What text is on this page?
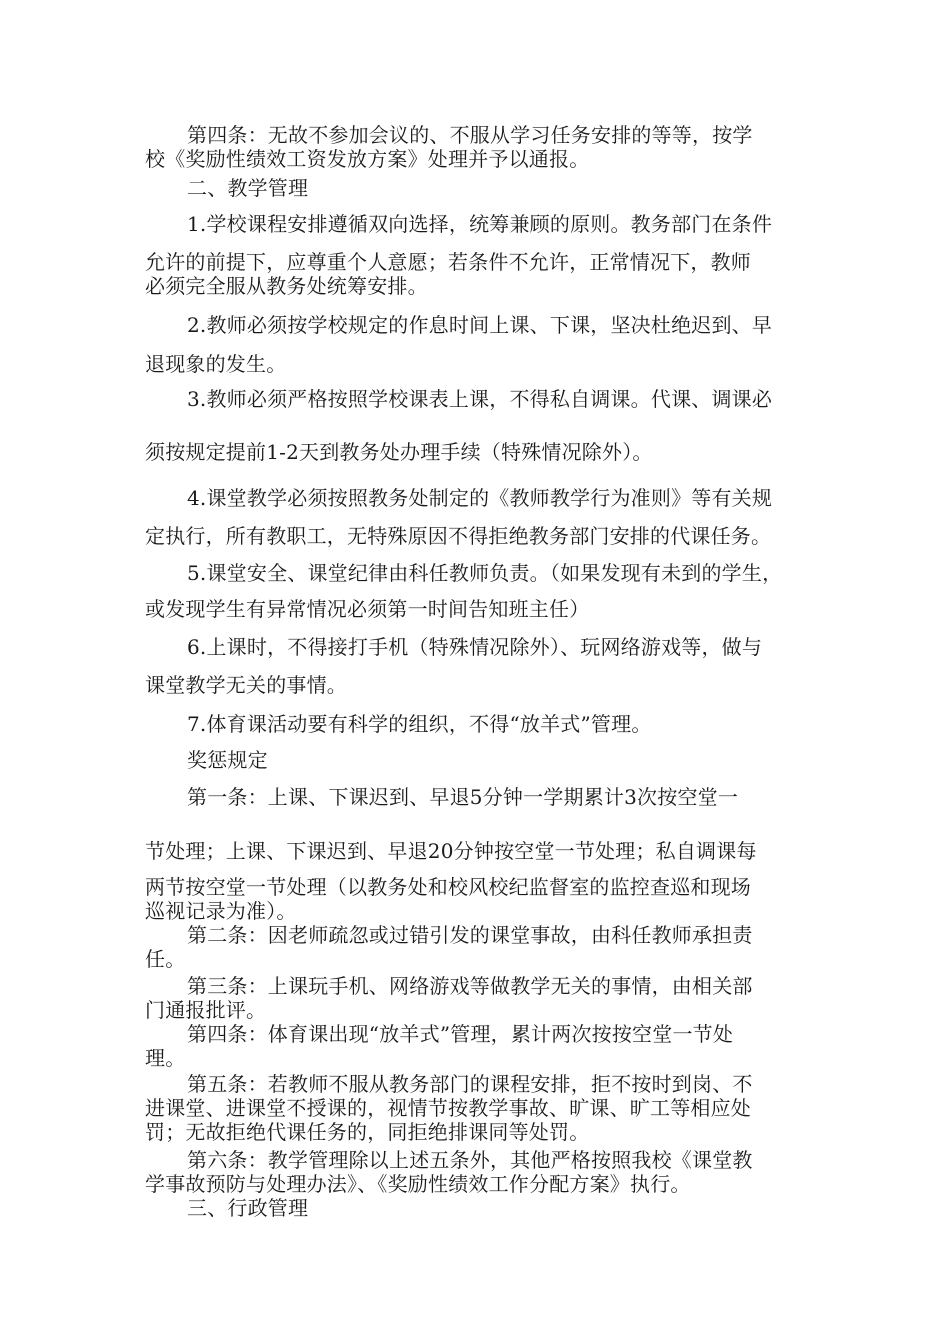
第四条：无故不参加会议的、不服从学习任务安排的等等，按学
校《奖励性绩效工资发放方案》处理并予以通报。
二、教学管理
1.学校课程安排遵循双向选择，统筹兼顾的原则。教务部门在条件
允许的前提下，应尊重个人意愿；若条件不允许，正常情况下，教师
必须完全服从教务处统筹安排。
2.教师必须按学校规定的作息时间上课、下课，坚决杜绝迟到、早
退现象的发生。
3.教师必须严格按照学校课表上课，不得私自调课。代课、调课必
须按规定提前1-2天到教务处办理手续（特殊情况除外）。
4.课堂教学必须按照教务处制定的《教师教学行为准则》等有关规
定执行，所有教职工，无特殊原因不得拒绝教务部门安排的代课任务。
5.课堂安全、课堂纪律由科任教师负责。（如果发现有未到的学生，
或发现学生有异常情况必须第一时间告知班主任）
6.上课时，不得接打手机（特殊情况除外）、玩网络游戏等，做与
课堂教学无关的事情。
7.体育课活动要有科学的组织，不得“放羊式”管理。
奖惩规定
第一条：上课、下课迟到、早退5分钟一学期累计3次按空堂一
节处理；上课、下课迟到、早退20分钟按空堂一节处理；私自调课每
两节按空堂一节处理（以教务处和校风校纪监督室的监控查巡和现场
巡视记录为准）。
第二条：因老师疏忽或过错引发的课堂事故，由科任教师承担责
任。
第三条：上课玩手机、网络游戏等做教学无关的事情，由相关部
门通报批评。
第四条：体育课出现“放羊式”管理，累计两次按按空堂一节处
理。
第五条：若教师不服从教务部门的课程安排，拒不按时到岗、不
进课堂、进课堂不授课的，视情节按教学事故、旷课、旷工等相应处
罚；无故拒绝代课任务的，同拒绝排课同等处罚。
第六条：教学管理除以上述五条外，其他严格按照我校《课堂教
学事故预防与处理办法》、《奖励性绩效工作分配方案》执行。
三、行政管理
